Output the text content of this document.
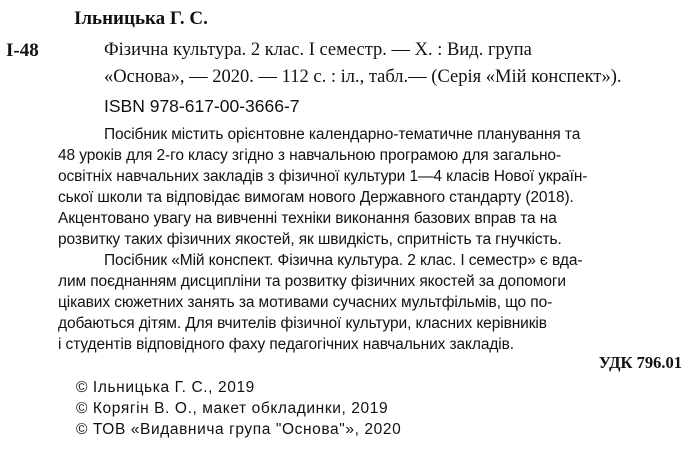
Ільницька Г. С.
І-48	Фізична культура. 2 клас. І семестр. — Х. : Вид. група
«Основа», — 2020. — 112 с. : іл., табл.— (Серія «Мій конспект»).
ISBN 978-617-00-3666-7
Посібник містить орієнтовне календарно-тематичне планування та
48 уроків для 2-го класу згідно з навчальною програмою для загально-
освітніх навчальних закладів з фізичної культури 1—4 класів Нової україн-
ської школи та відповідає вимогам нового Державного стандарту (2018).
Акцентовано увагу на вивченні техніки виконання базових вправ та на
розвитку таких фізичних якостей, як швидкість, спритність та гнучкість.
Посібник «Мій конспект. Фізична культура. 2 клас. І семестр» є вда-
лим поєднанням дисципліни та розвитку фізичних якостей за допомоги
цікавих сюжетних занять за мотивами сучасних мультфільмів, що по-
добаються дітям. Для вчителів фізичної культури, класних керівників
і студентів відповідного фаху педагогічних навчальних закладів.
УДК 796.01
© Ільницька Г. С., 2019
© Корягін В. О., макет обкладинки, 2019
© ТОВ «Видавнича група "Основа"», 2020
